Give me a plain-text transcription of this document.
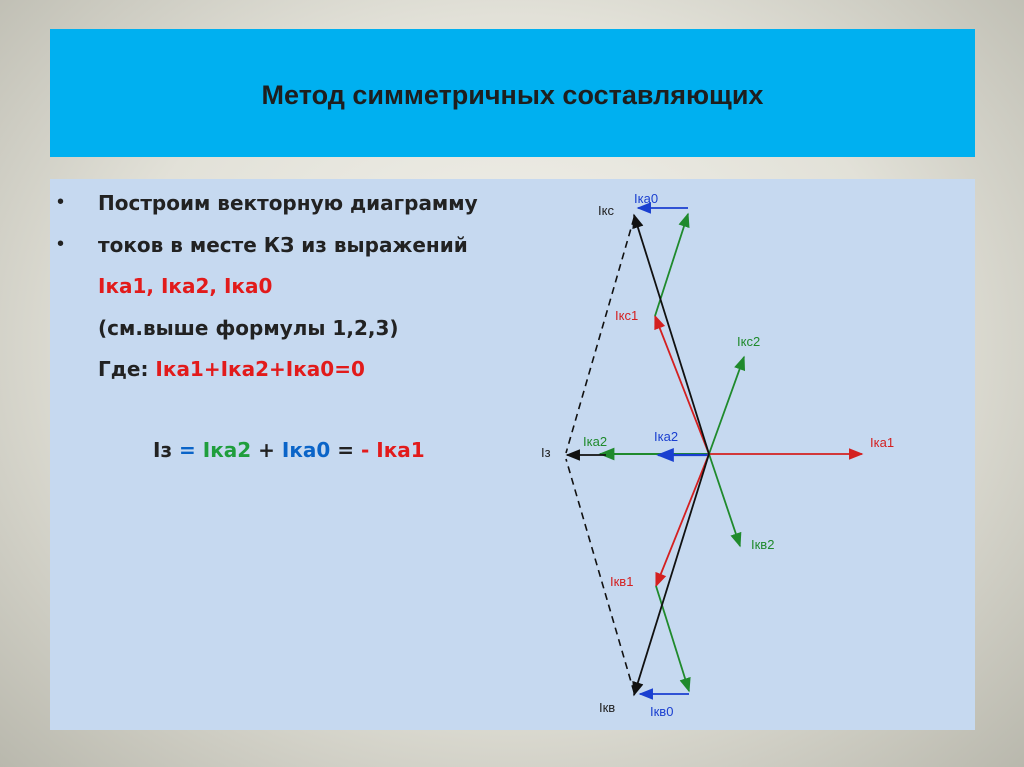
Метод симметричных составляющих
• Построим векторную диаграмму
• токов в месте КЗ из выражений
Iка1, Iка2, Iка0
(см.выше формулы 1,2,3)
Где: Iка1+Iка2+Iка0=0
Iз = Iка2 + Iка0 = - Iка1
Iка0
Iкс
Iкс1
Iкс2
Iз
Iка2	Iка2	Iка1
Iкв2
Iкв1
Iкв	Iкв0
